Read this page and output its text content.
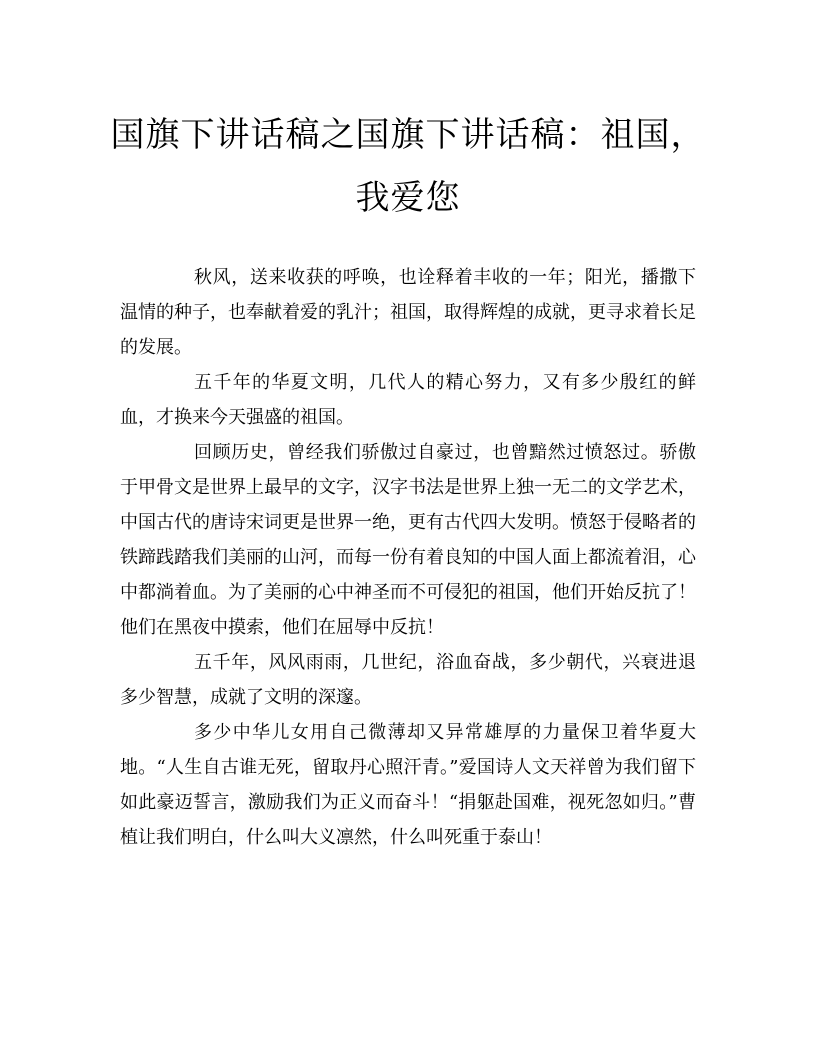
国旗下讲话稿之国旗下讲话稿：祖国，
我爱您

秋风，送来收获的呼唤，也诠释着丰收的一年；阳光，播撒下温情的种子，也奉献着爱的乳汁；祖国，取得辉煌的成就，更寻求着长足的发展。

五千年的华夏文明，几代人的精心努力，又有多少殷红的鲜血，才换来今天强盛的祖国。

回顾历史，曾经我们骄傲过自豪过，也曾黯然过愤怒过。骄傲于甲骨文是世界上最早的文字，汉字书法是世界上独一无二的文学艺术，中国古代的唐诗宋词更是世界一绝，更有古代四大发明。愤怒于侵略者的铁蹄践踏我们美丽的山河，而每一份有着良知的中国人面上都流着泪，心中都淌着血。为了美丽的心中神圣而不可侵犯的祖国，他们开始反抗了！他们在黑夜中摸索，他们在屈辱中反抗！

五千年，风风雨雨，几世纪，浴血奋战，多少朝代，兴衰进退多少智慧，成就了文明的深邃。

多少中华儿女用自己微薄却又异常雄厚的力量保卫着华夏大地。“人生自古谁无死，留取丹心照汗青。”爱国诗人文天祥曾为我们留下如此豪迈誓言，激励我们为正义而奋斗！“捐躯赴国难，视死忽如归。”曹植让我们明白，什么叫大义凛然，什么叫死重于泰山！
